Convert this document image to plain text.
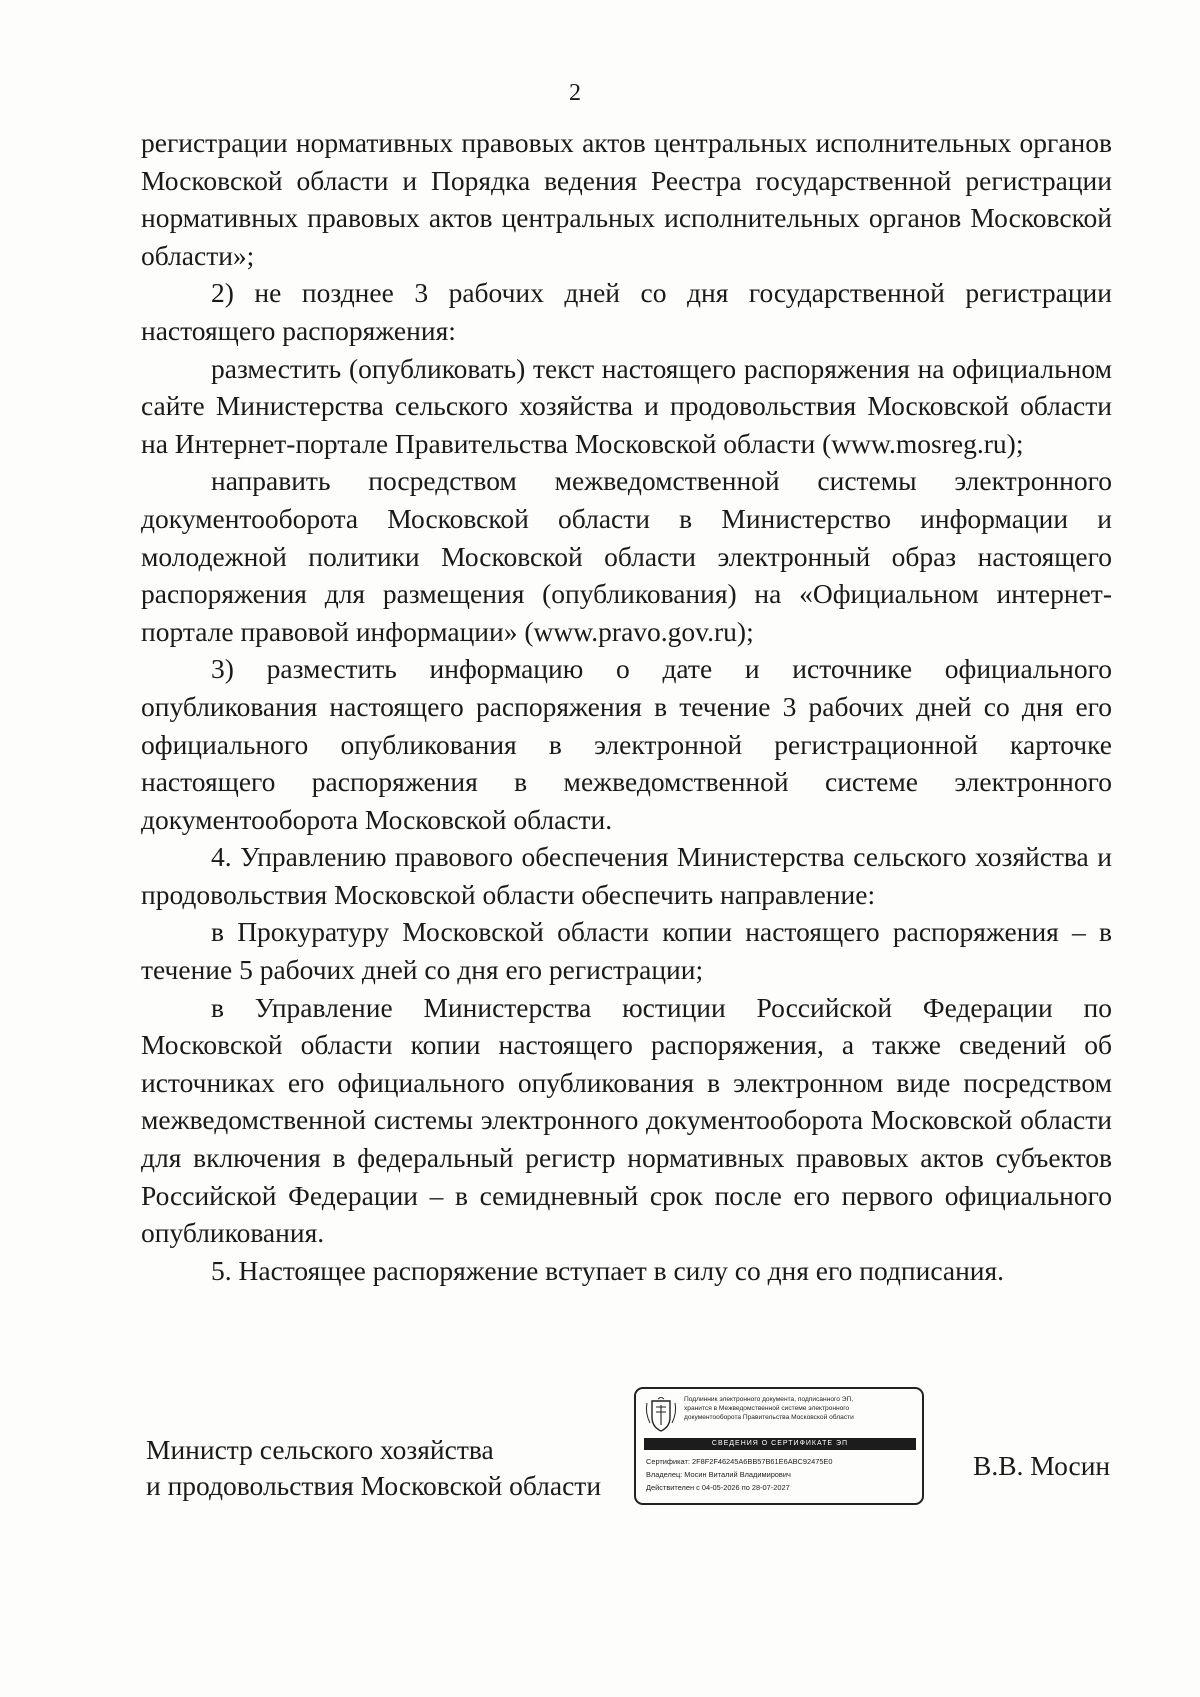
2

регистрации нормативных правовых актов центральных исполнительных органов Московской области и Порядка ведения Реестра государственной регистрации нормативных правовых актов центральных исполнительных органов Московской области»;

2) не позднее 3 рабочих дней со дня государственной регистрации настоящего распоряжения:

разместить (опубликовать) текст настоящего распоряжения на официальном сайте Министерства сельского хозяйства и продовольствия Московской области на Интернет-портале Правительства Московской области (www.mosreg.ru);

направить посредством межведомственной системы электронного документооборота Московской области в Министерство информации и молодежной политики Московской области электронный образ настоящего распоряжения для размещения (опубликования) на «Официальном интернет-портале правовой информации» (www.pravo.gov.ru);

3) разместить информацию о дате и источнике официального опубликования настоящего распоряжения в течение 3 рабочих дней со дня его официального опубликования в электронной регистрационной карточке настоящего распоряжения в межведомственной системе электронного документооборота Московской области.

4. Управлению правового обеспечения Министерства сельского хозяйства и продовольствия Московской области обеспечить направление:

в Прокуратуру Московской области копии настоящего распоряжения – в течение 5 рабочих дней со дня его регистрации;

в Управление Министерства юстиции Российской Федерации по Московской области копии настоящего распоряжения, а также сведений об источниках его официального опубликования в электронном виде посредством межведомственной системы электронного документооборота Московской области для включения в федеральный регистр нормативных правовых актов субъектов Российской Федерации – в семидневный срок после его первого официального опубликования.

5. Настоящее распоряжение вступает в силу со дня его подписания.

Министр сельского хозяйства
и продовольствия Московской области
Подлинник электронного документа, подписанного ЭП,
хранится в Межведомственной системе электронного
документооборота Правительства Московской области
СВЕДЕНИЯ О СЕРТИФИКАТЕ ЭП
Сертификат: 2F8F2F46245A6BB57B61E6ABC92475E0
Владелец: Мосин Виталий Владимирович
Действителен с 04-05-2026 по 28-07-2027
В.В. Мосин
